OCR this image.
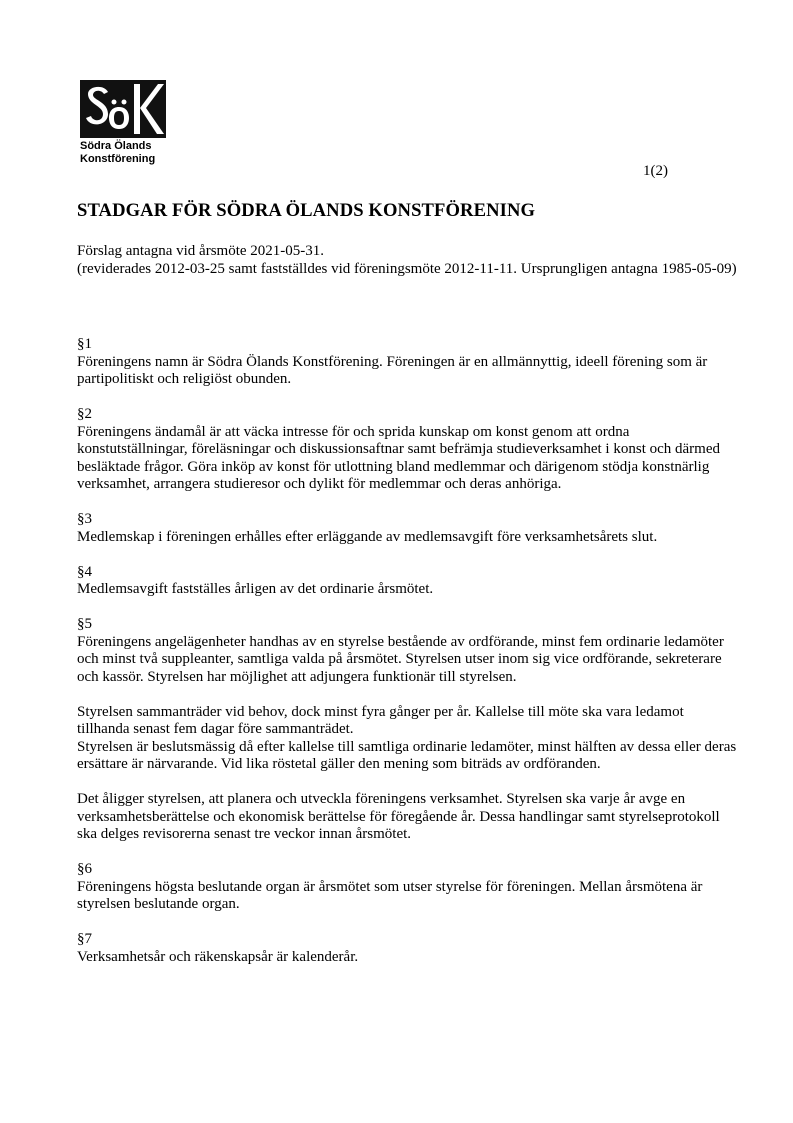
Södra Ölands
Konstförening
1(2)
STADGAR FÖR SÖDRA ÖLANDS KONSTFÖRENING
Förslag antagna vid årsmöte 2021-05-31.
(reviderades 2012-03-25 samt fastställdes vid föreningsmöte 2012-11-11. Ursprungligen antagna 1985-05-09)

§1

Föreningens namn är Södra Ölands Konstförening. Föreningen är en allmännyttig, ideell förening som är partipolitiskt och religiöst obunden.

§2

Föreningens ändamål är att väcka intresse för och sprida kunskap om konst genom att ordna konstutställningar, föreläsningar och diskussionsaftnar samt befrämja studieverksamhet i konst och därmed besläktade frågor. Göra inköp av konst för utlottning bland medlemmar och därigenom stödja konstnärlig verksamhet, arrangera studieresor och dylikt för medlemmar och deras anhöriga.

§3

Medlemskap i föreningen erhålles efter erläggande av medlemsavgift före verksamhetsårets slut.

§4

Medlemsavgift fastställes årligen av det ordinarie årsmötet.

§5

Föreningens angelägenheter handhas av en styrelse bestående av ordförande, minst fem ordinarie ledamöter och minst två suppleanter, samtliga valda på årsmötet. Styrelsen utser inom sig vice ordförande, sekreterare och kassör. Styrelsen har möjlighet att adjungera funktionär till styrelsen.

Styrelsen sammanträder vid behov, dock minst fyra gånger per år. Kallelse till möte ska vara ledamot tillhanda senast fem dagar före sammanträdet.

Styrelsen är beslutsmässig då efter kallelse till samtliga ordinarie ledamöter, minst hälften av dessa eller deras ersättare är närvarande. Vid lika röstetal gäller den mening som biträds av ordföranden.

Det åligger styrelsen, att planera och utveckla föreningens verksamhet. Styrelsen ska varje år avge en verksamhetsberättelse och ekonomisk berättelse för föregående år. Dessa handlingar samt styrelseprotokoll ska delges revisorerna senast tre veckor innan årsmötet.

§6

Föreningens högsta beslutande organ är årsmötet som utser styrelse för föreningen. Mellan årsmötena är styrelsen beslutande organ.

§7

Verksamhetsår och räkenskapsår är kalenderår.
